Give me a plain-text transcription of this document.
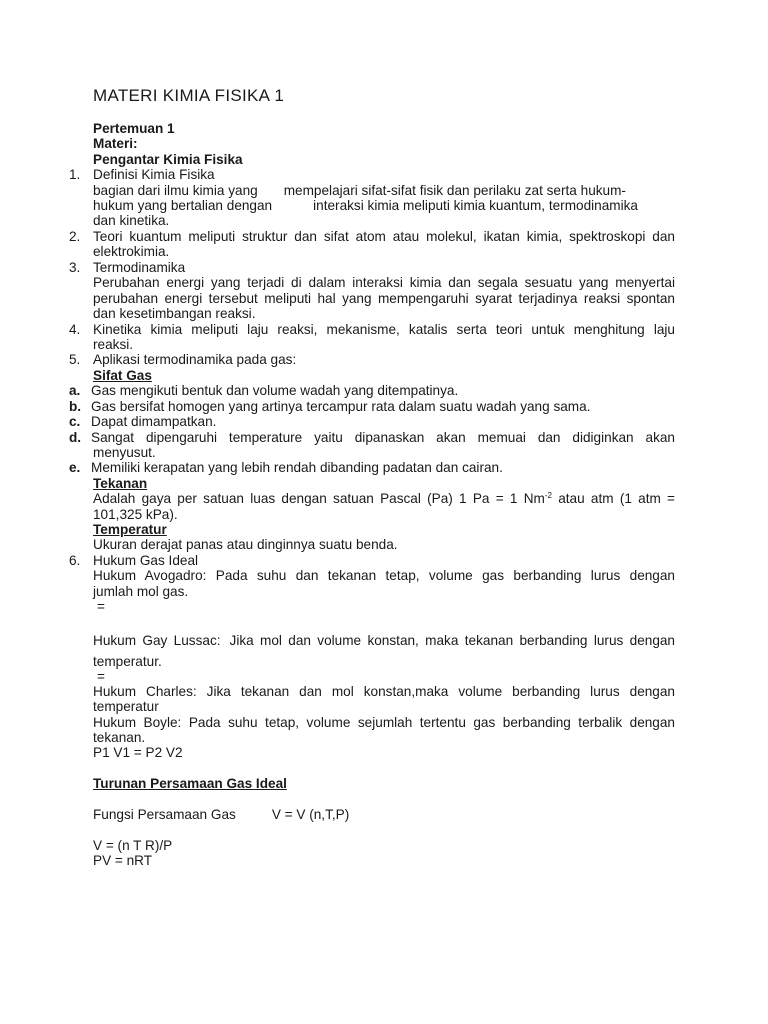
MATERI KIMIA FISIKA 1
Pertemuan 1
Materi:
Pengantar Kimia Fisika
1. Definisi Kimia Fisika
bagian dari ilmu kimia yang mempelajari sifat-sifat fisik dan perilaku zat serta hukum-
hukum yang bertalian dengan	interaksi kimia meliputi kimia kuantum, termodinamika
dan kinetika.
2. Teori kuantum meliputi struktur dan sifat atom atau molekul, ikatan kimia, spektroskopi dan
elektrokimia.
3. Termodinamika
Perubahan energi yang terjadi di dalam interaksi kimia dan segala sesuatu yang menyertai
perubahan energi tersebut meliputi hal yang mempengaruhi syarat terjadinya reaksi spontan
dan kesetimbangan reaksi.
4. Kinetika kimia meliputi laju reaksi, mekanisme, katalis serta teori untuk menghitung laju
reaksi.
5. Aplikasi termodinamika pada gas:
Sifat Gas
a. Gas mengikuti bentuk dan volume wadah yang ditempatinya.
b. Gas bersifat homogen yang artinya tercampur rata dalam suatu wadah yang sama.
c. Dapat dimampatkan.
d. Sangat dipengaruhi temperature yaitu dipanaskan akan memuai dan didiginkan akan
menyusut.
e. Memiliki kerapatan yang lebih rendah dibanding padatan dan cairan.
Tekanan
Adalah gaya per satuan luas dengan satuan Pascal (Pa) 1 Pa = 1 $Nm^{-2}$ atau atm (1 atm =
101,325 kPa).
Temperatur
Ukuran derajat panas atau dinginnya suatu benda.
6. Hukum Gas Ideal
Hukum Avogadro: Pada suhu dan tekanan tetap, volume gas berbanding lurus dengan
jumlah mol gas.
=
Hukum Gay Lussac: Jika mol dan volume konstan, maka tekanan berbanding lurus dengan
temperatur.
=
Hukum Charles: Jika tekanan dan mol konstan,maka volume berbanding lurus dengan
temperatur
Hukum Boyle: Pada suhu tetap, volume sejumlah tertentu gas berbanding terbalik dengan
tekanan.
P1 V1 = P2 V2
Turunan Persamaan Gas Ideal
Fungsi Persamaan Gas	V = V (n,T,P)
V = (n T R)/P
PV = nRT
